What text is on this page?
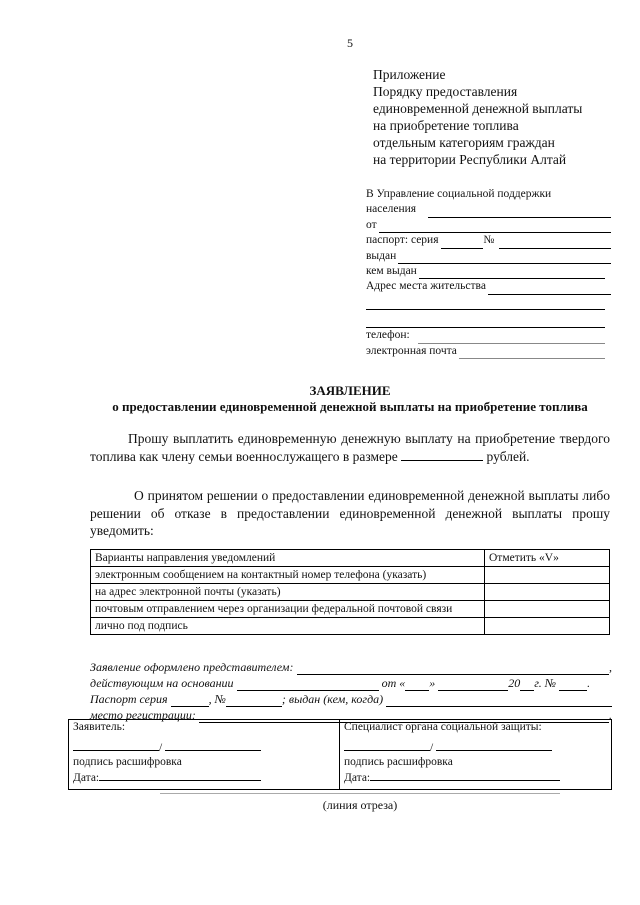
5
Приложение
Порядку предоставления
единовременной денежной выплаты
на приобретение топлива
отдельным категориям граждан
на территории Республики Алтай
В Управление социальной поддержки
населения
от
паспорт: серия
	№

выдан
кем выдан
Адрес места жительства
телефон:
электронная почта
ЗАЯВЛЕНИЕ
о предоставлении единовременной денежной выплаты на приобретение топлива
Прошу выплатить единовременную денежную выплату на приобретение твердого топлива как члену семьи военнослужащего в размере	рублей.
О принятом решении о предоставлении единовременной денежной выплаты либо решении об отказе в предоставлении единовременной денежной выплаты прошу уведомить:
Варианты направления уведомлений	Отметить «V»
электронным сообщением на контактный номер телефона (указать)	
на адрес электронной почты (указать)	
почтовым отправлением через организации федеральной почтовой связи	
лично под подпись	
Заявление оформлено представителем:	,
действующим на основании

	от « »
	20 г. №
	.
Паспорт серия
	, №	; выдан (кем, когда)

место регистрации:
	.
Заявитель:
/
подпись расшифровка
Дата:

Специалист органа социальной защиты:
/
подпись расшифровка
Дата:
(линия отреза)
